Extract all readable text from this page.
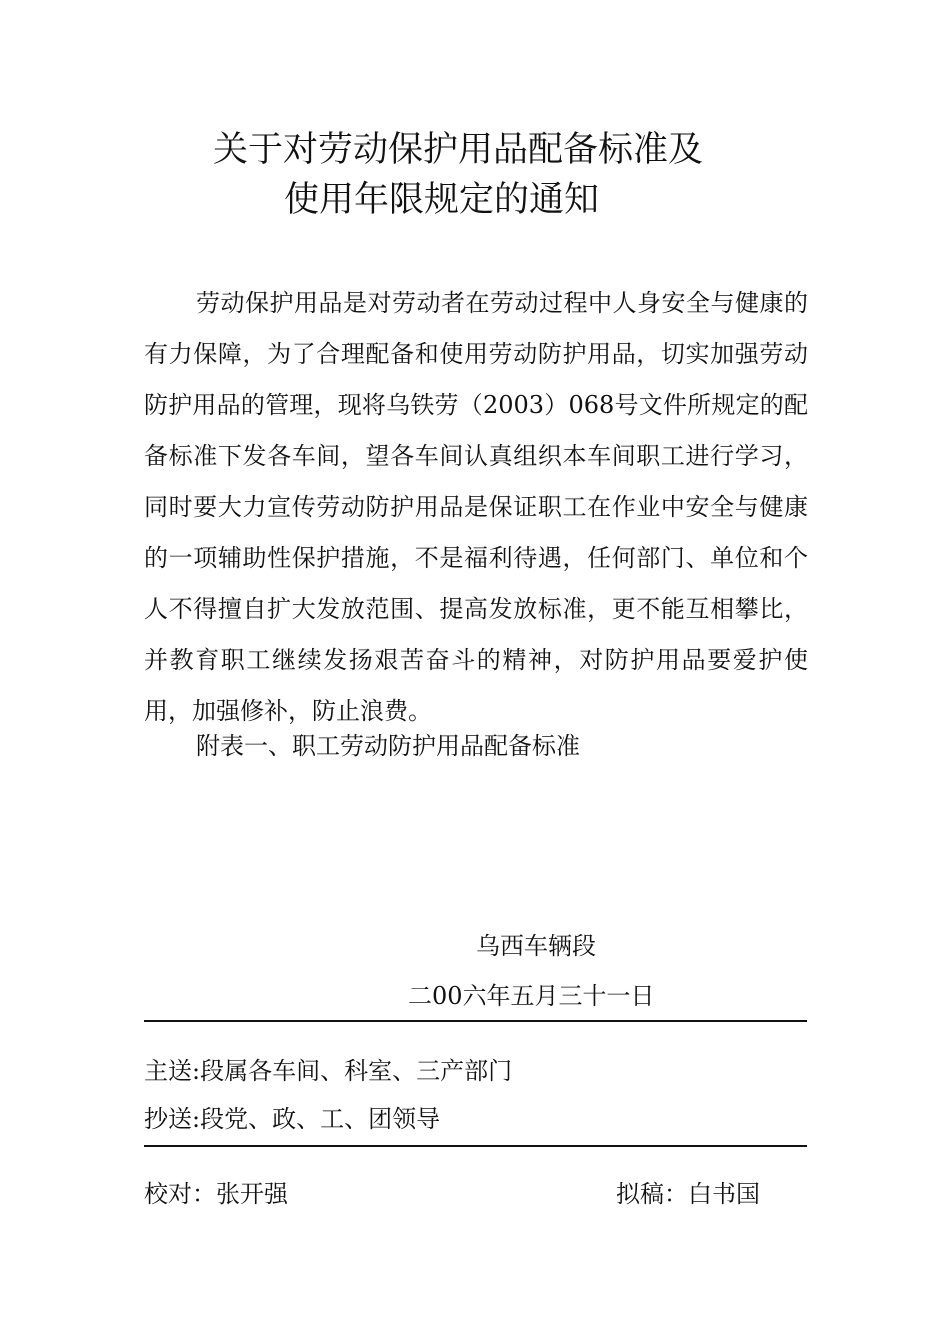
关于对劳动保护用品配备标准及
使用年限规定的通知

劳动保护用品是对劳动者在劳动过程中人身安全与健康的有力保障，为了合理配备和使用劳动防护用品，切实加强劳动防护用品的管理，现将乌铁劳（2003）068号文件所规定的配备标准下发各车间，望各车间认真组织本车间职工进行学习，同时要大力宣传劳动防护用品是保证职工在作业中安全与健康的一项辅助性保护措施，不是福利待遇，任何部门、单位和个人不得擅自扩大发放范围、提高发放标准，更不能互相攀比，并教育职工继续发扬艰苦奋斗的精神，对防护用品要爱护使用，加强修补，防止浪费。

附表一、职工劳动防护用品配备标准
乌西车辆段
二00六年五月三十一日
主送:段属各车间、科室、三产部门
抄送:段党、政、工、团领导
校对：张开强	拟稿：白书国
